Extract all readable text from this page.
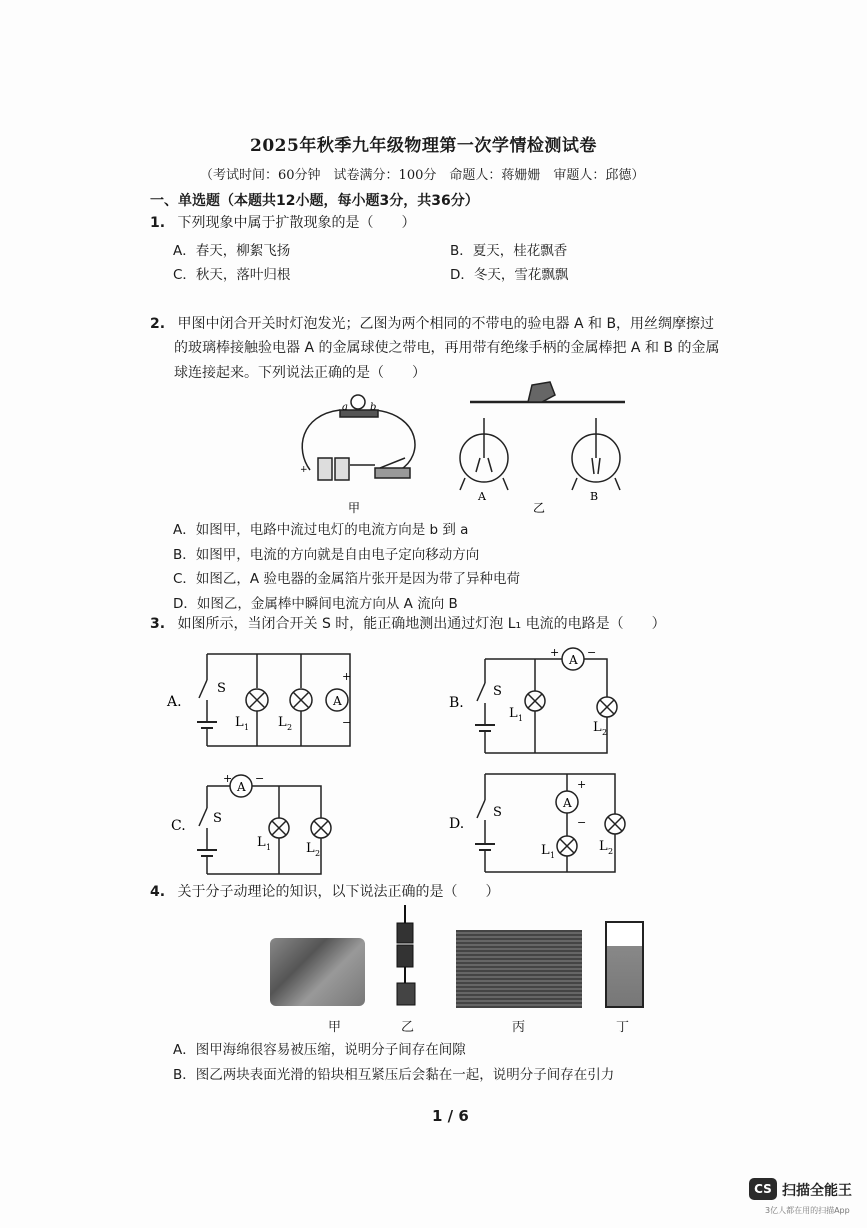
2025年秋季九年级物理第一次学情检测试卷
（考试时间：60分钟　试卷满分：100分　命题人：蒋姗姗　审题人：邱德）
一、单选题（本题共12小题，每小题3分，共36分）
1. 下列现象中属于扩散现象的是（　　）
A．春天，柳絮飞扬	B．夏天，桂花飘香
C．秋天，落叶归根	D．冬天，雪花飘飘
2. 甲图中闭合开关时灯泡发光；乙图为两个相同的不带电的验电器 A 和 B，用丝绸摩擦过
的玻璃棒接触验电器 A 的金属球使之带电，再用带有绝缘手柄的金属棒把 A 和 B 的金属
球连接起来。下列说法正确的是（　　）
a b
+
甲
A	B
乙
A．如图甲，电路中流过电灯的电流方向是 b 到 a
B．如图甲，电流的方向就是自由电子定向移动方向
C．如图乙，A 验电器的金属箔片张开是因为带了异种电荷
D．如图乙，金属棒中瞬间电流方向从 A 流向 B
3. 如图所示，当闭合开关 S 时，能正确地测出通过灯泡 L₁ 电流的电路是（　　）
A.
S
A
L 1 L 2
+
−
B.
S
A
+	−
L 1
L 2
C. S
A
+ −
L 1	L 2
D.
S
A
+
−
L 1
L 2
4. 关于分子动理论的知识，以下说法正确的是（　　）
甲	乙	丙	丁
A．图甲海绵很容易被压缩，说明分子间存在间隙
B．图乙两块表面光滑的铅块相互紧压后会黏在一起，说明分子间存在引力
1 / 6
CS 扫描全能王
3亿人都在用的扫描App
